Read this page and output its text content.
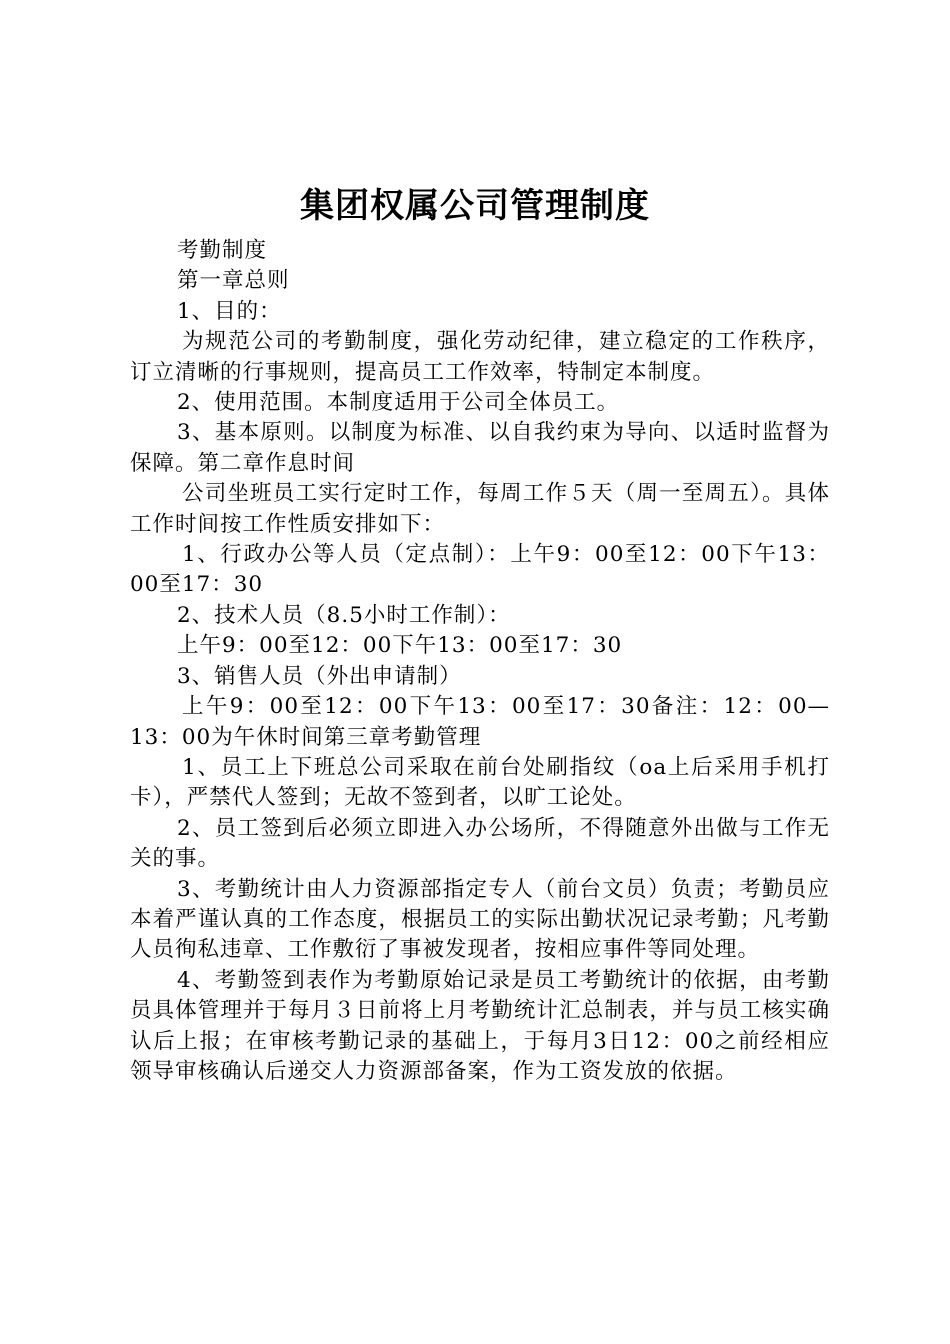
集团权属公司管理制度

考勤制度

第一章总则

1、目的：

为规范公司的考勤制度，强化劳动纪律，建立稳定的工作秩序，订立清晰的行事规则，提高员工工作效率，特制定本制度。

2、使用范围。本制度适用于公司全体员工。

3、基本原则。以制度为标准、以自我约束为导向、以适时监督为保障。第二章作息时间

公司坐班员工实行定时工作，每周工作５天（周一至周五）。具体工作时间按工作性质安排如下：

1、行政办公等人员（定点制）：上午9：00至12：00下午13：00至17：30

2、技术人员（8.5小时工作制）：

上午9：00至12：00下午13：00至17：30

3、销售人员（外出申请制）

上午9：00至12：00下午13：00至17：30备注：12：00—13：00为午休时间第三章考勤管理

1、员工上下班总公司采取在前台处刷指纹（oa上后采用手机打卡），严禁代人签到；无故不签到者，以旷工论处。

2、员工签到后必须立即进入办公场所，不得随意外出做与工作无关的事。

3、考勤统计由人力资源部指定专人（前台文员）负责；考勤员应本着严谨认真的工作态度，根据员工的实际出勤状况记录考勤；凡考勤人员徇私违章、工作敷衍了事被发现者，按相应事件等同处理。

4、考勤签到表作为考勤原始记录是员工考勤统计的依据，由考勤员具体管理并于每月３日前将上月考勤统计汇总制表，并与员工核实确认后上报；在审核考勤记录的基础上，于每月3日12：00之前经相应领导审核确认后递交人力资源部备案，作为工资发放的依据。
